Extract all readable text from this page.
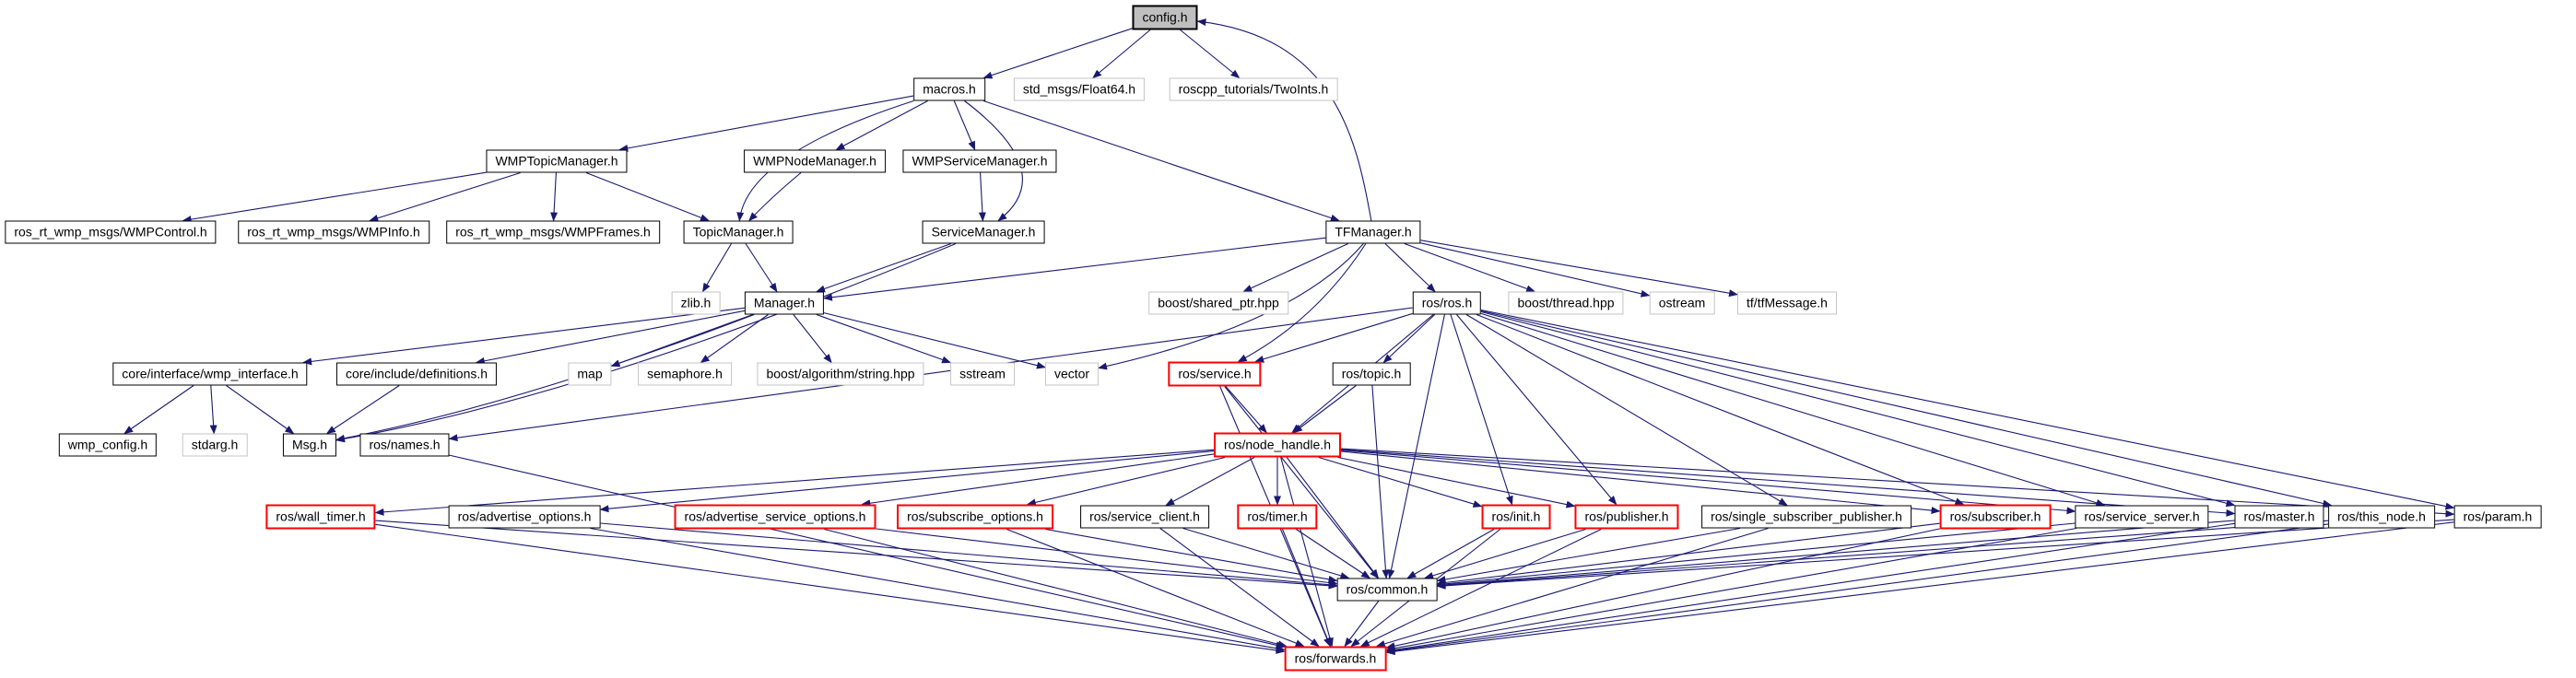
config.h
macros.h	std_msgs/Float64.h	roscpp_tutorials/TwoInts.h
WMPTopicManager.h	WMPNodeManager.h	WMPServiceManager.h
ros_rt_wmp_msgs/WMPControl.h	ros_rt_wmp_msgs/WMPInfo.h	ros_rt_wmp_msgs/WMPFrames.h	TopicManager.h	ServiceManager.h	TFManager.h
zlib.h	Manager.h	boost/shared_ptr.hpp	ros/ros.h	boost/thread.hpp	ostream	tf/tfMessage.h
core/interface/wmp_interface.h	core/include/definitions.h	map	semaphore.h	boost/algorithm/string.hpp	sstream	vector	ros/service.h	ros/topic.h
wmp_config.h	stdarg.h	Msg.h	ros/names.h	ros/node_handle.h
ros/wall_timer.h	ros/advertise_options.h	ros/advertise_service_options.h	ros/subscribe_options.h	ros/service_client.h	ros/timer.h	ros/init.h	ros/publisher.h	ros/single_subscriber_publisher.h	ros/subscriber.h	ros/service_server.h	ros/master.h	ros/this_node.h	ros/param.h
ros/common.h
ros/forwards.h
